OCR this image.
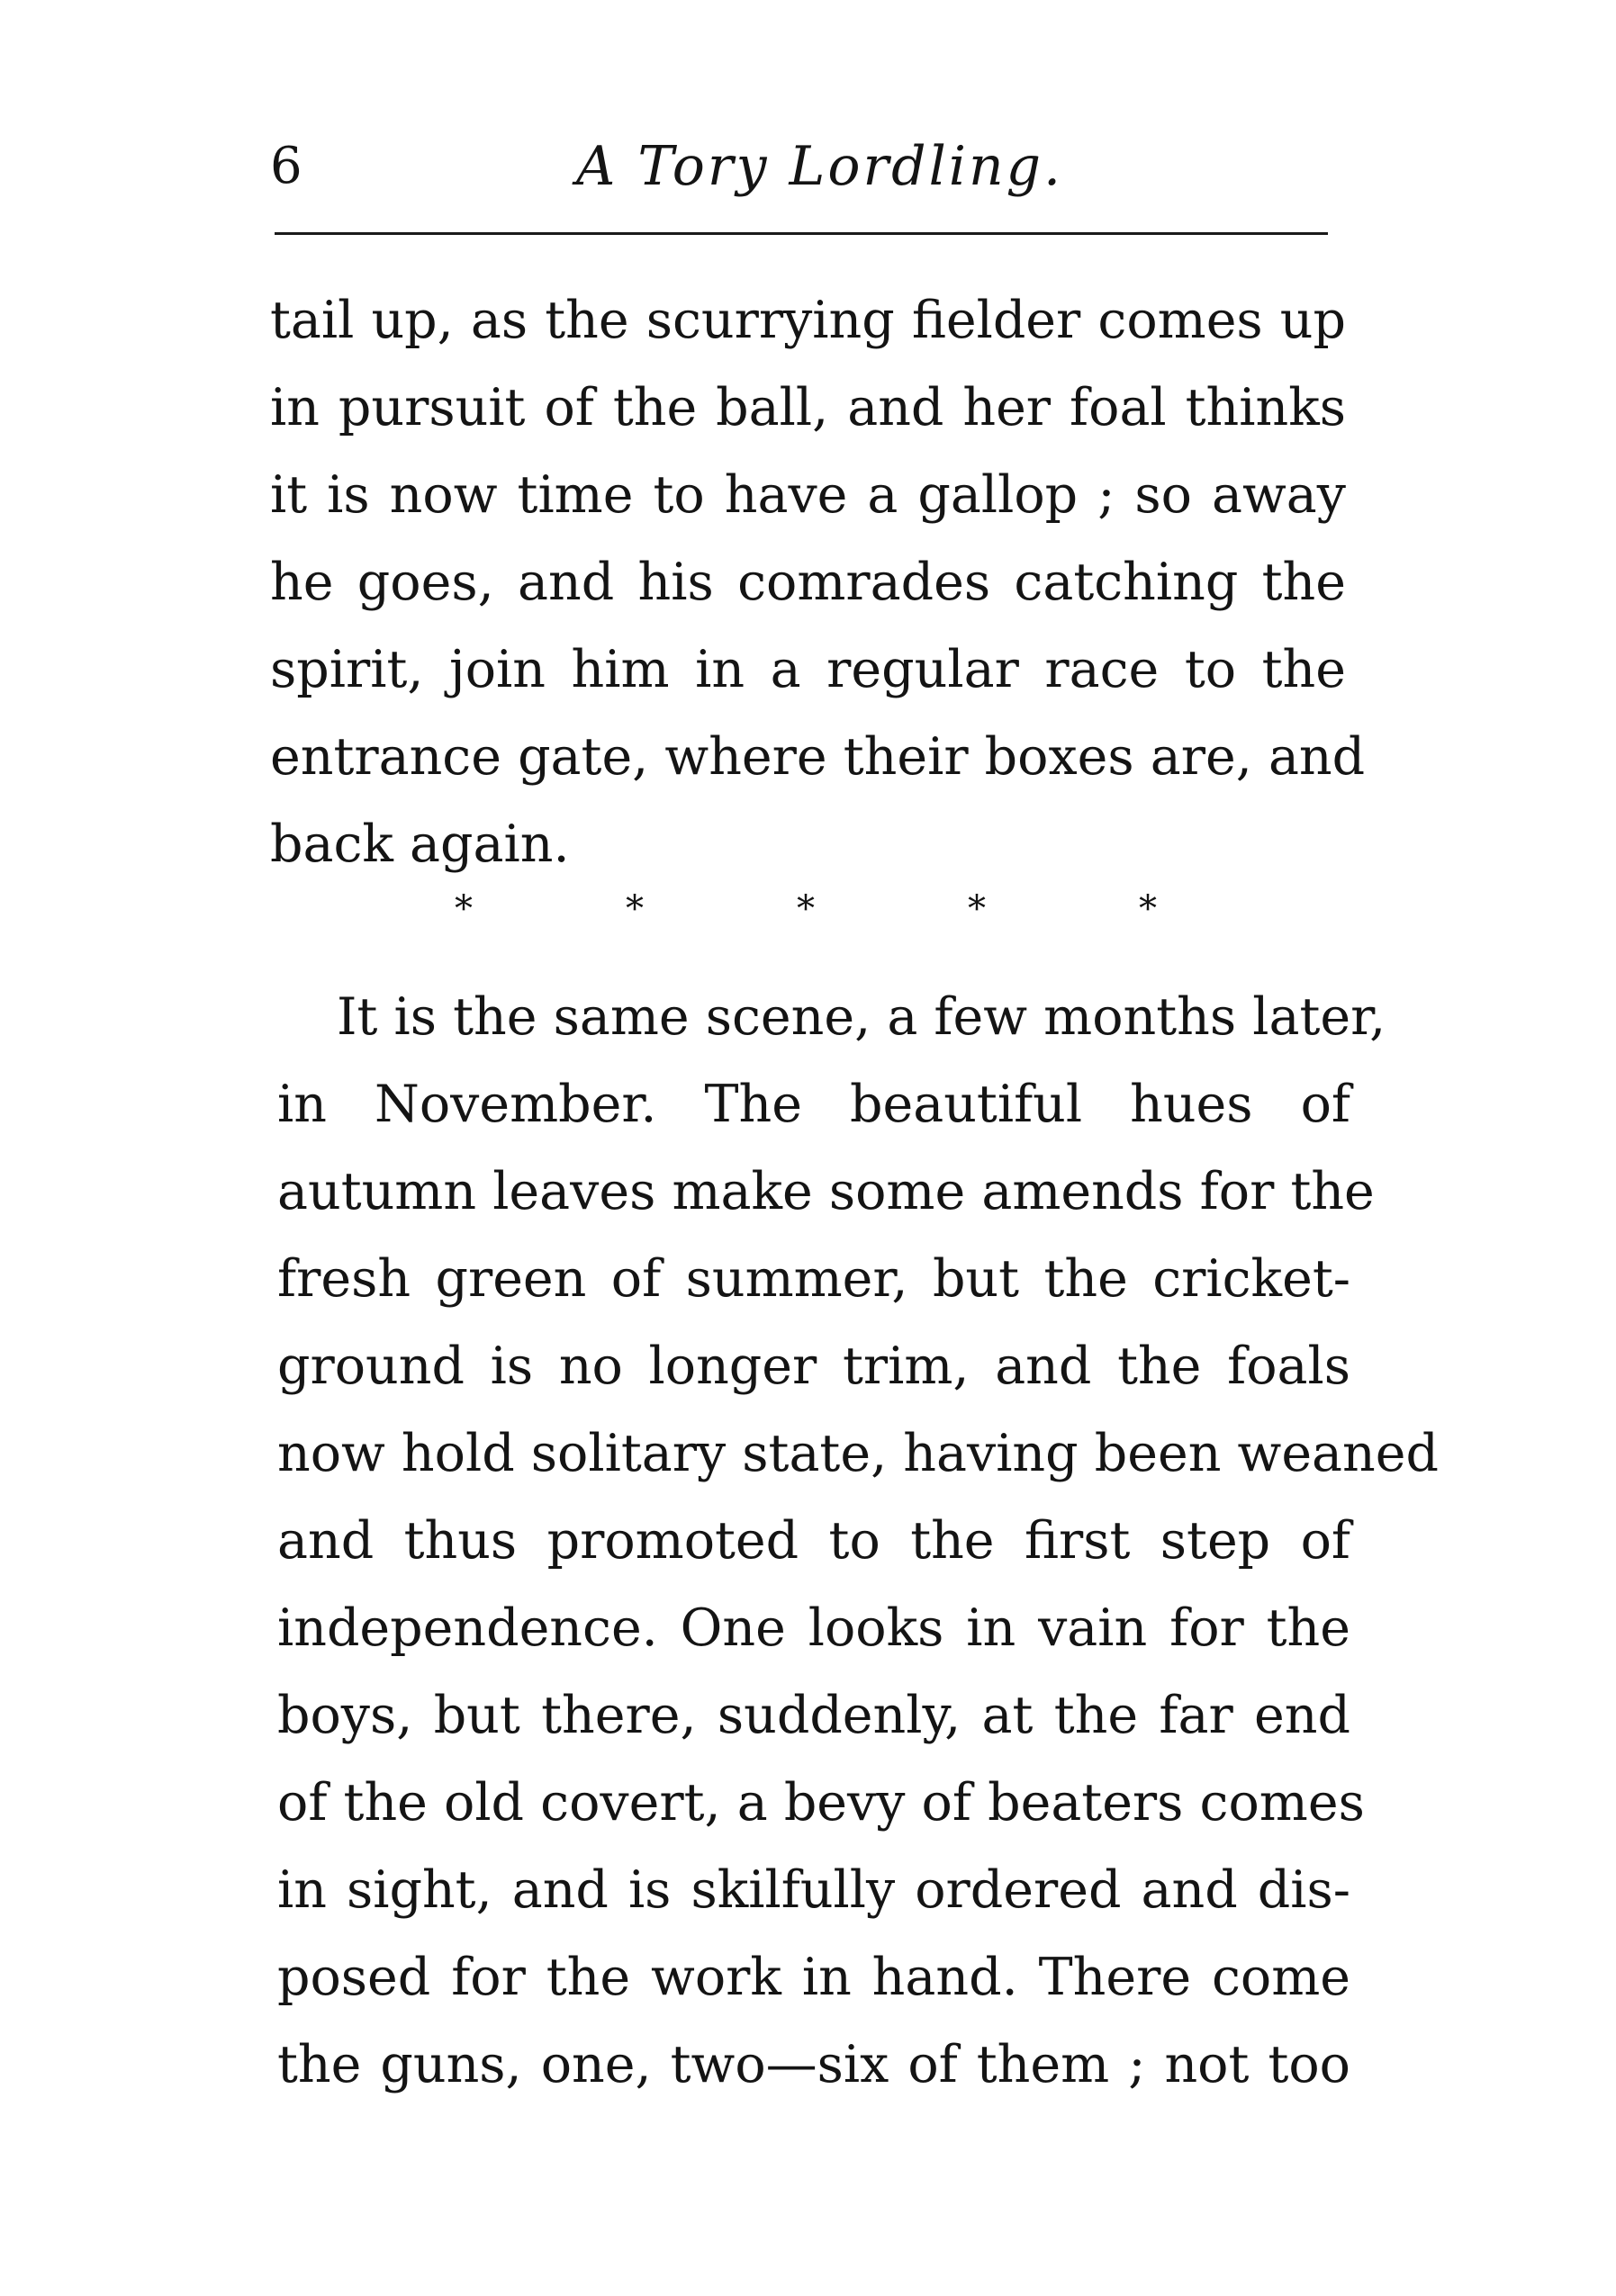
6	A Tory Lordling.
tail up, as the scurrying fielder comes up
in pursuit of the ball, and her foal thinks
it is now time to have a gallop ; so away
he goes, and his comrades catching the
spirit, join him in a regular race to the
entrance gate, where their boxes are, and
back again.
*	*	*	*	*
It is the same scene, a few months later,
in November. The beautiful hues of
autumn leaves make some amends for the
fresh green of summer, but the cricket-
ground is no longer trim, and the foals
now hold solitary state, having been weaned
and thus promoted to the first step of
independence. One looks in vain for the
boys, but there, suddenly, at the far end
of the old covert, a bevy of beaters comes
in sight, and is skilfully ordered and dis-
posed for the work in hand. There come
the guns, one, two—six of them ; not too
